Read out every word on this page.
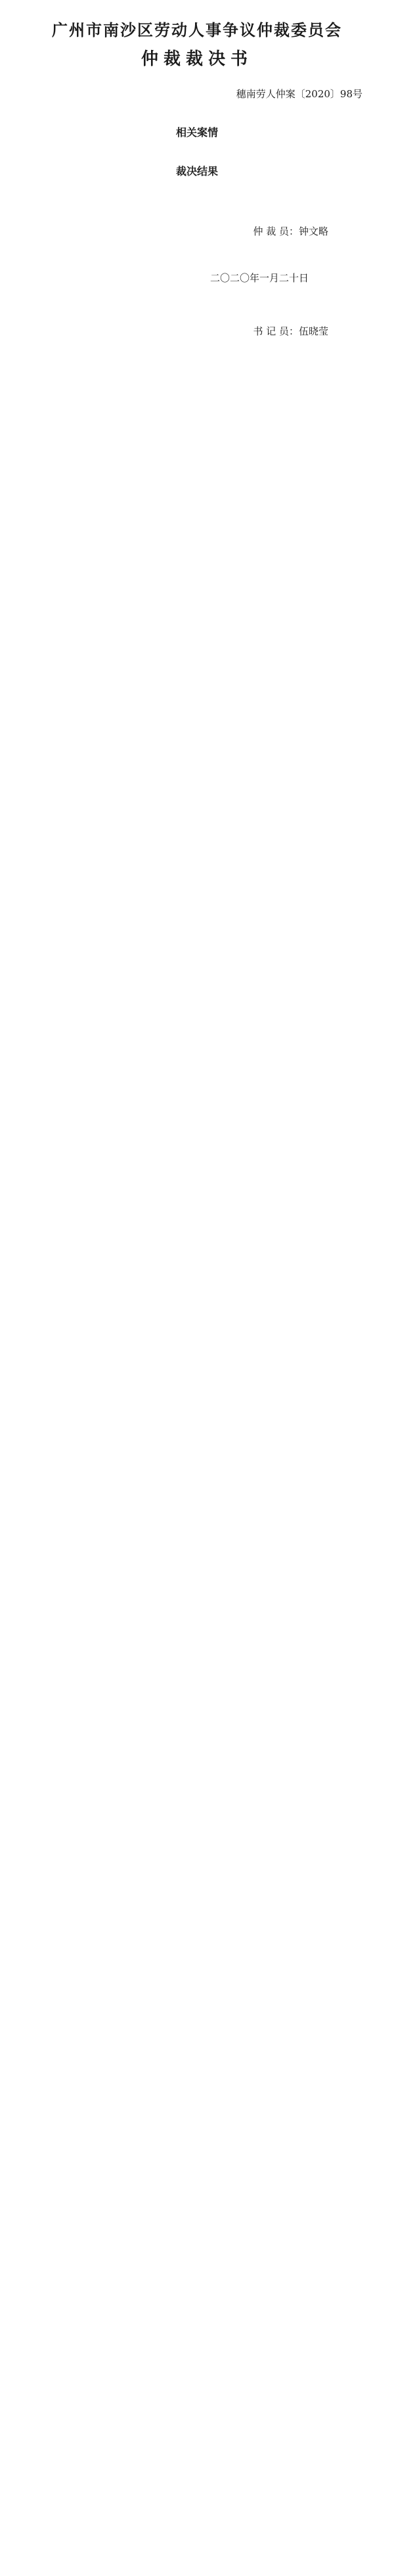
广州市南沙区劳动人事争议仲裁委员会
仲裁裁决书
穗南劳人仲案〔2020〕98号
相关案情
裁决结果
仲 裁 员：钟文略
二〇二〇年一月二十日
书 记 员：伍晓莹
